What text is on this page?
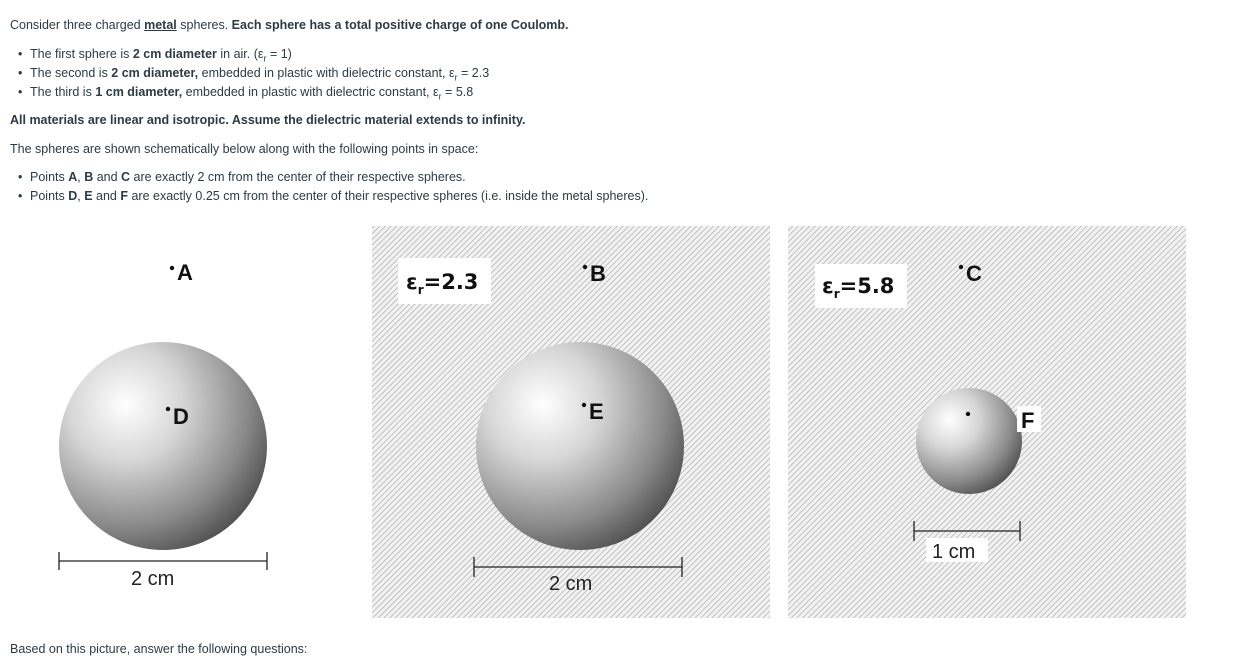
Consider three charged metal spheres. Each sphere has a total positive charge of one Coulomb.
• The first sphere is 2 cm diameter in air. $(\varepsilon_r = 1)$
• The second is 2 cm diameter, embedded in plastic with dielectric constant, $\varepsilon_r = 2.3$
• The third is 1 cm diameter, embedded in plastic with dielectric constant, $\varepsilon_r = 5.8$
All materials are linear and isotropic. Assume the dielectric material extends to infinity.
The spheres are shown schematically below along with the following points in space:
• Points A, B and C are exactly 2 cm from the center of their respective spheres.
• Points D, E and F are exactly 0.25 cm from the center of their respective spheres (i.e. inside the metal spheres).
A
D
2 cm
$\varepsilon_r=2.3$	B
E
2 cm
$\varepsilon_r=5.8$	C
F
1 cm
Based on this picture, answer the following questions:
